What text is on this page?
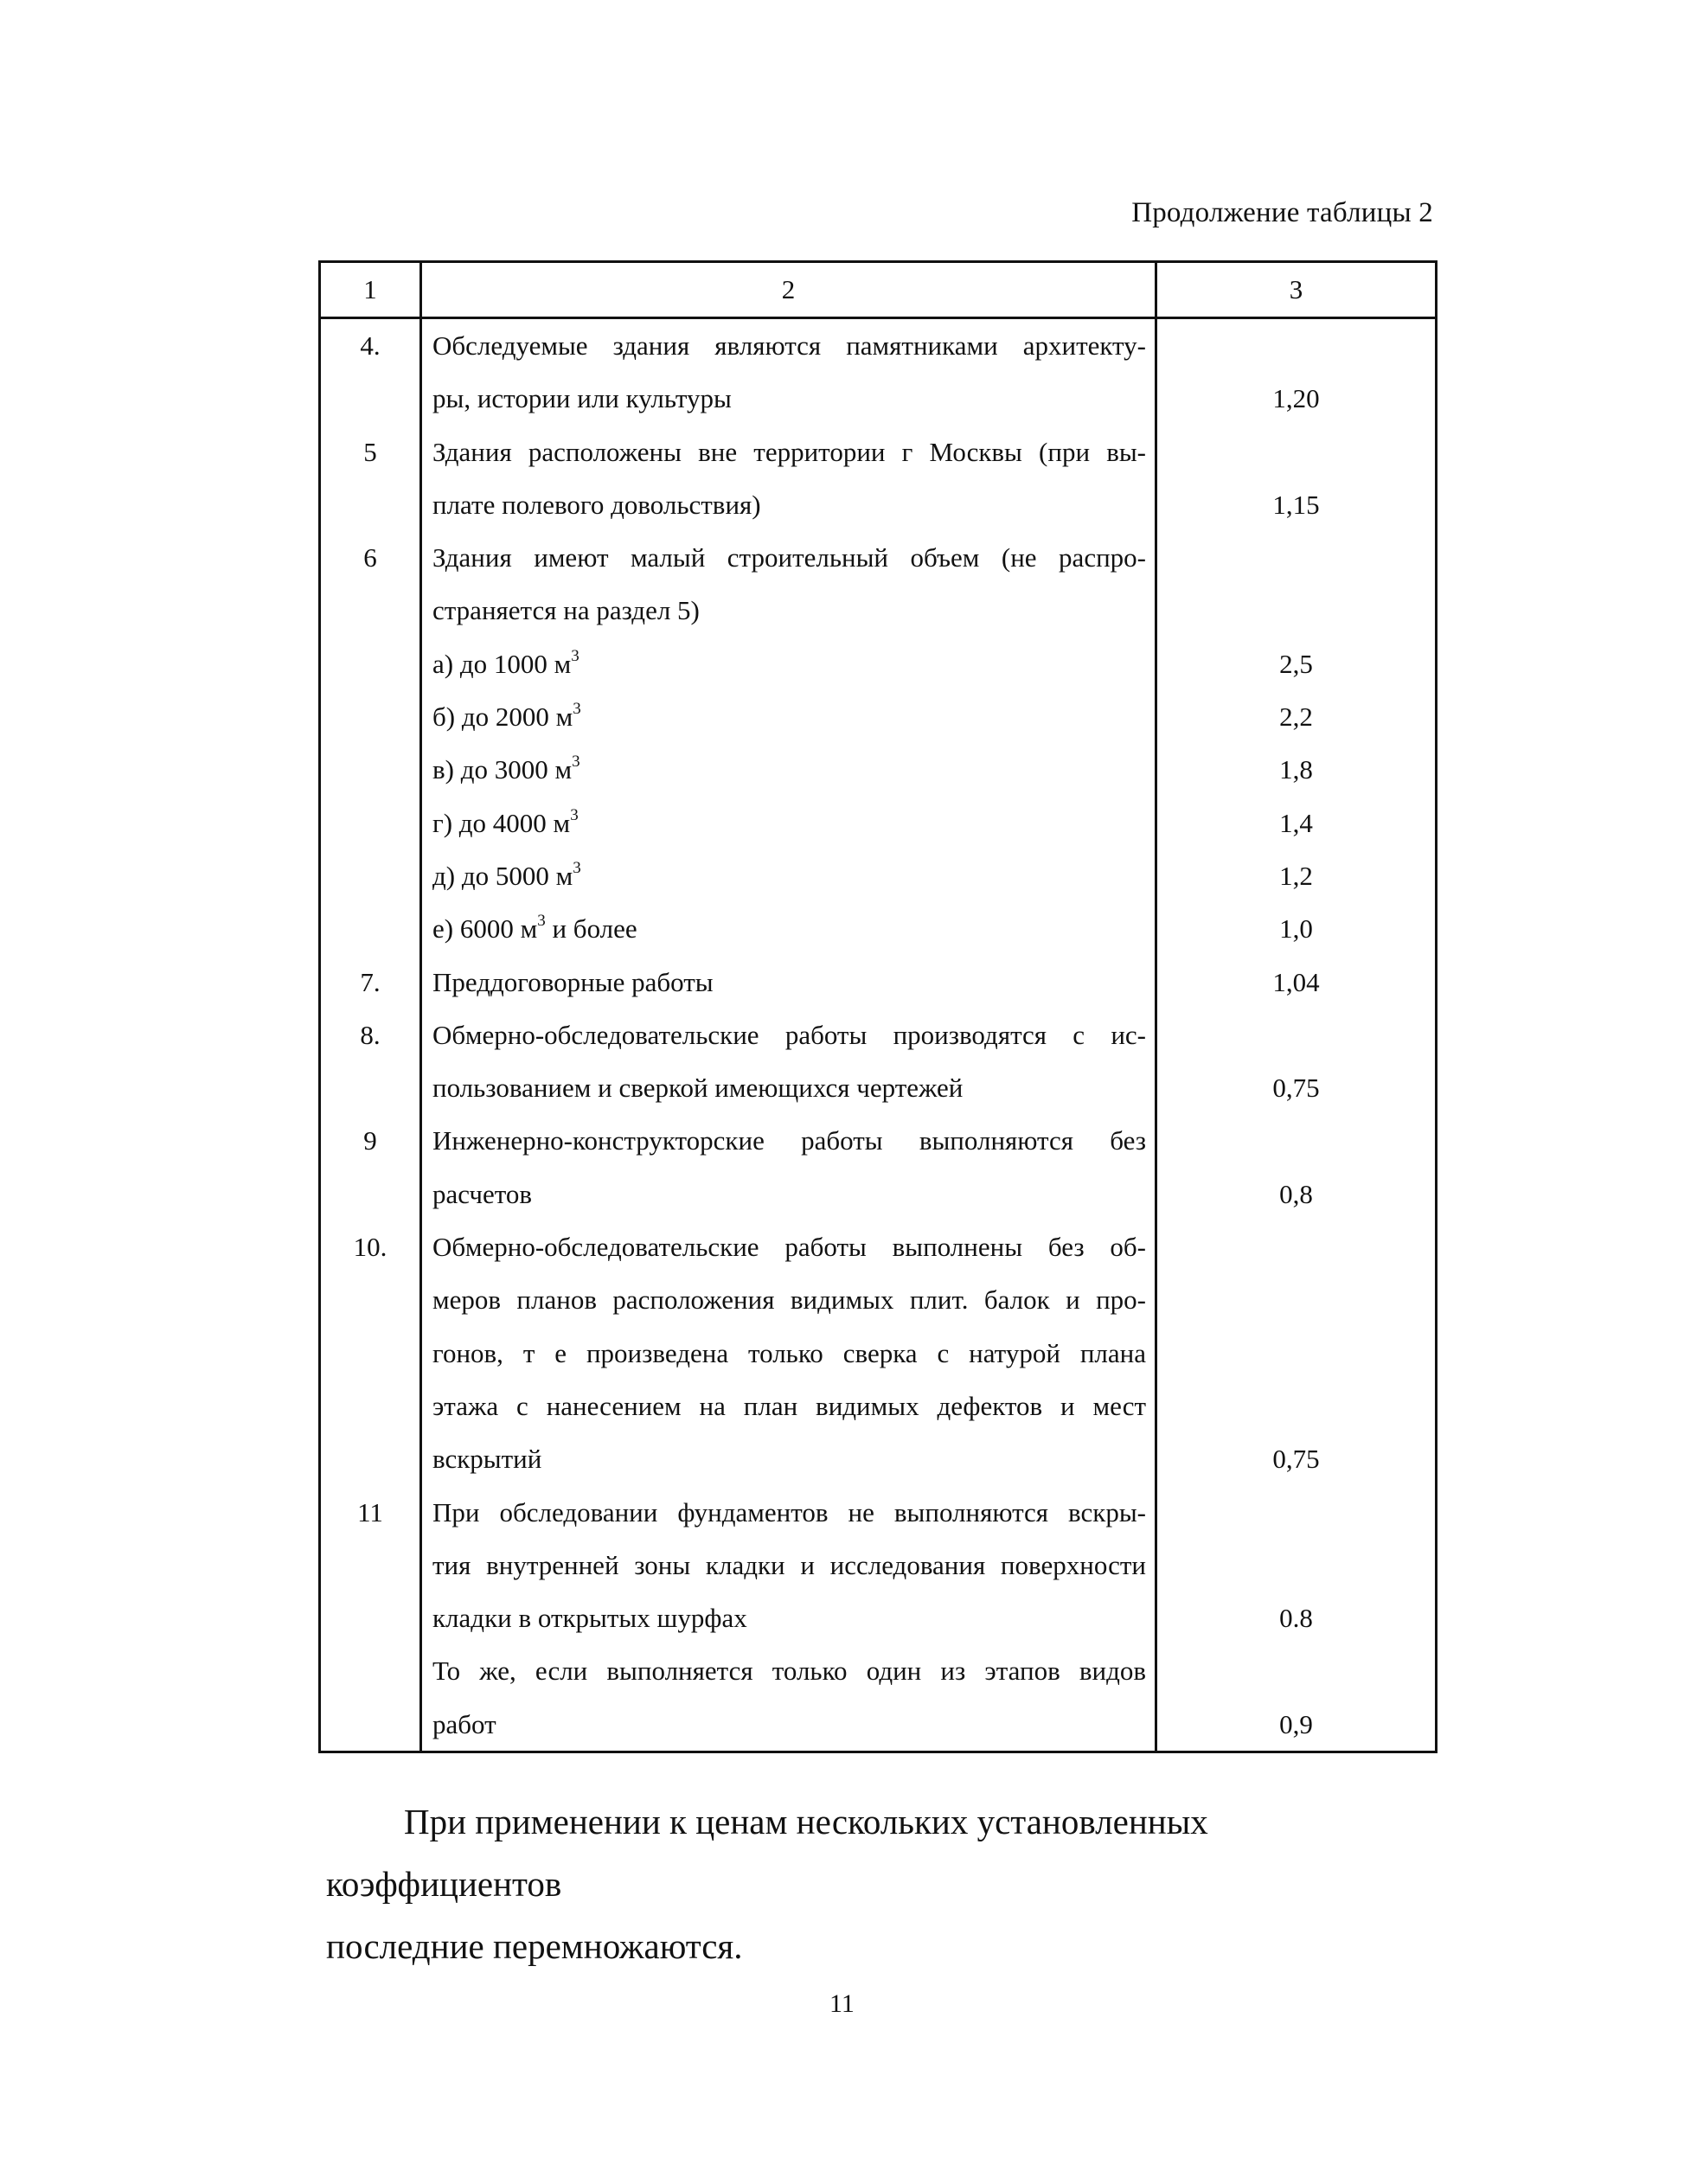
Продолжение таблицы 2
1	2	3
4.	Обследуемые здания являются памятниками архитекту-
ры, истории или культуры	1,20
5	Здания расположены вне территории г Москвы (при вы-
плате полевого довольствия)	1,15
6	Здания имеют малый строительный объем (не распро-
страняется на раздел 5)	

	а) до 1000 $м^3$	2,5

	б) до 2000 $м^3$	2,2

	в) до 3000 $м^3$	1,8

	г) до 4000 $м^3$	1,4

	д) до 5000 $м^3$	1,2

	е) 6000 $м^3$ и более	1,0
7.	Преддоговорные работы	1,04
8.	Обмерно-обследовательские работы производятся с ис-
пользованием и сверкой имеющихся чертежей	0,75
9	Инженерно-конструкторские работы выполняются без
расчетов	0,8
10.	Обмерно-обследовательские работы выполнены без об-
меров планов расположения видимых плит. балок и про-
гонов, т е произведена только сверка с натурой плана
этажа с нанесением на план видимых дефектов и мест
вскрытий	0,75
11	При обследовании фундаментов не выполняются вскры-
тия внутренней зоны кладки и исследования поверхности
кладки в открытых шурфах	0.8

	То же, если выполняется только один из этапов видов
работ	0,9
При применении к ценам нескольких установленных коэффициентов
последние перемножаются.
11
